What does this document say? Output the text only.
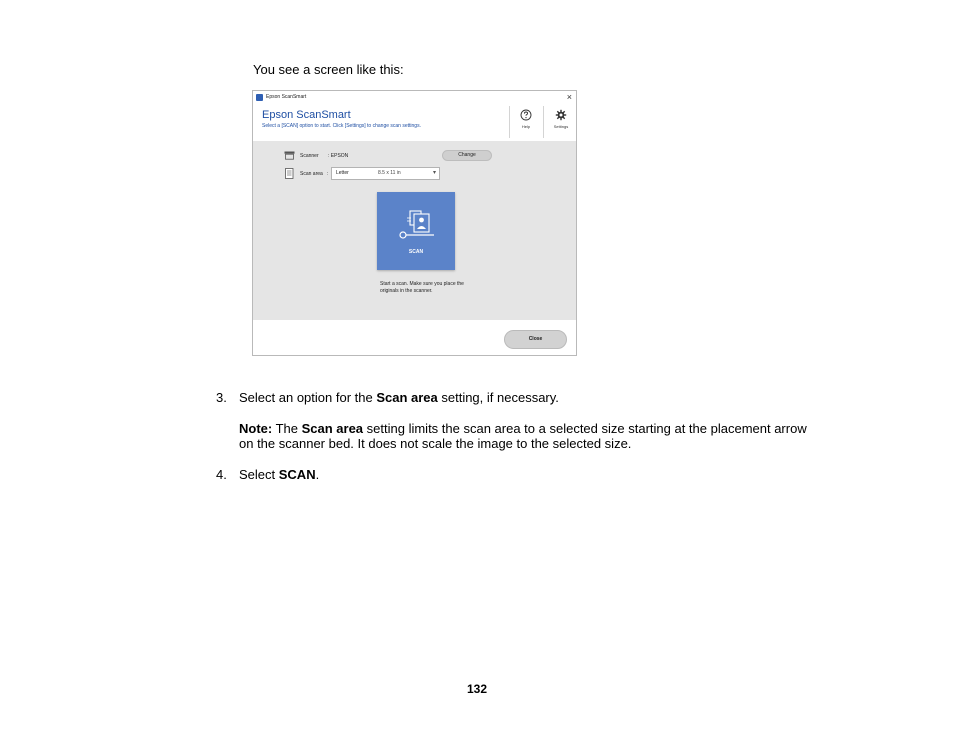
You see a screen like this:
Epson ScanSmart	×
Epson ScanSmart
Select a [SCAN] option to start. Click [Settings] to change scan settings.	Help	Settings
Scanner : EPSON	Change
Scan area : Letter	8.5 x 11 in	▾
SCAN
Start a scan. Make sure you place the originals in the scanner.
Close
3. Select an option for the Scan area setting, if necessary.
Note: The Scan area setting limits the scan area to a selected size starting at the placement arrow
on the scanner bed. It does not scale the image to the selected size.
4. Select SCAN.
132
